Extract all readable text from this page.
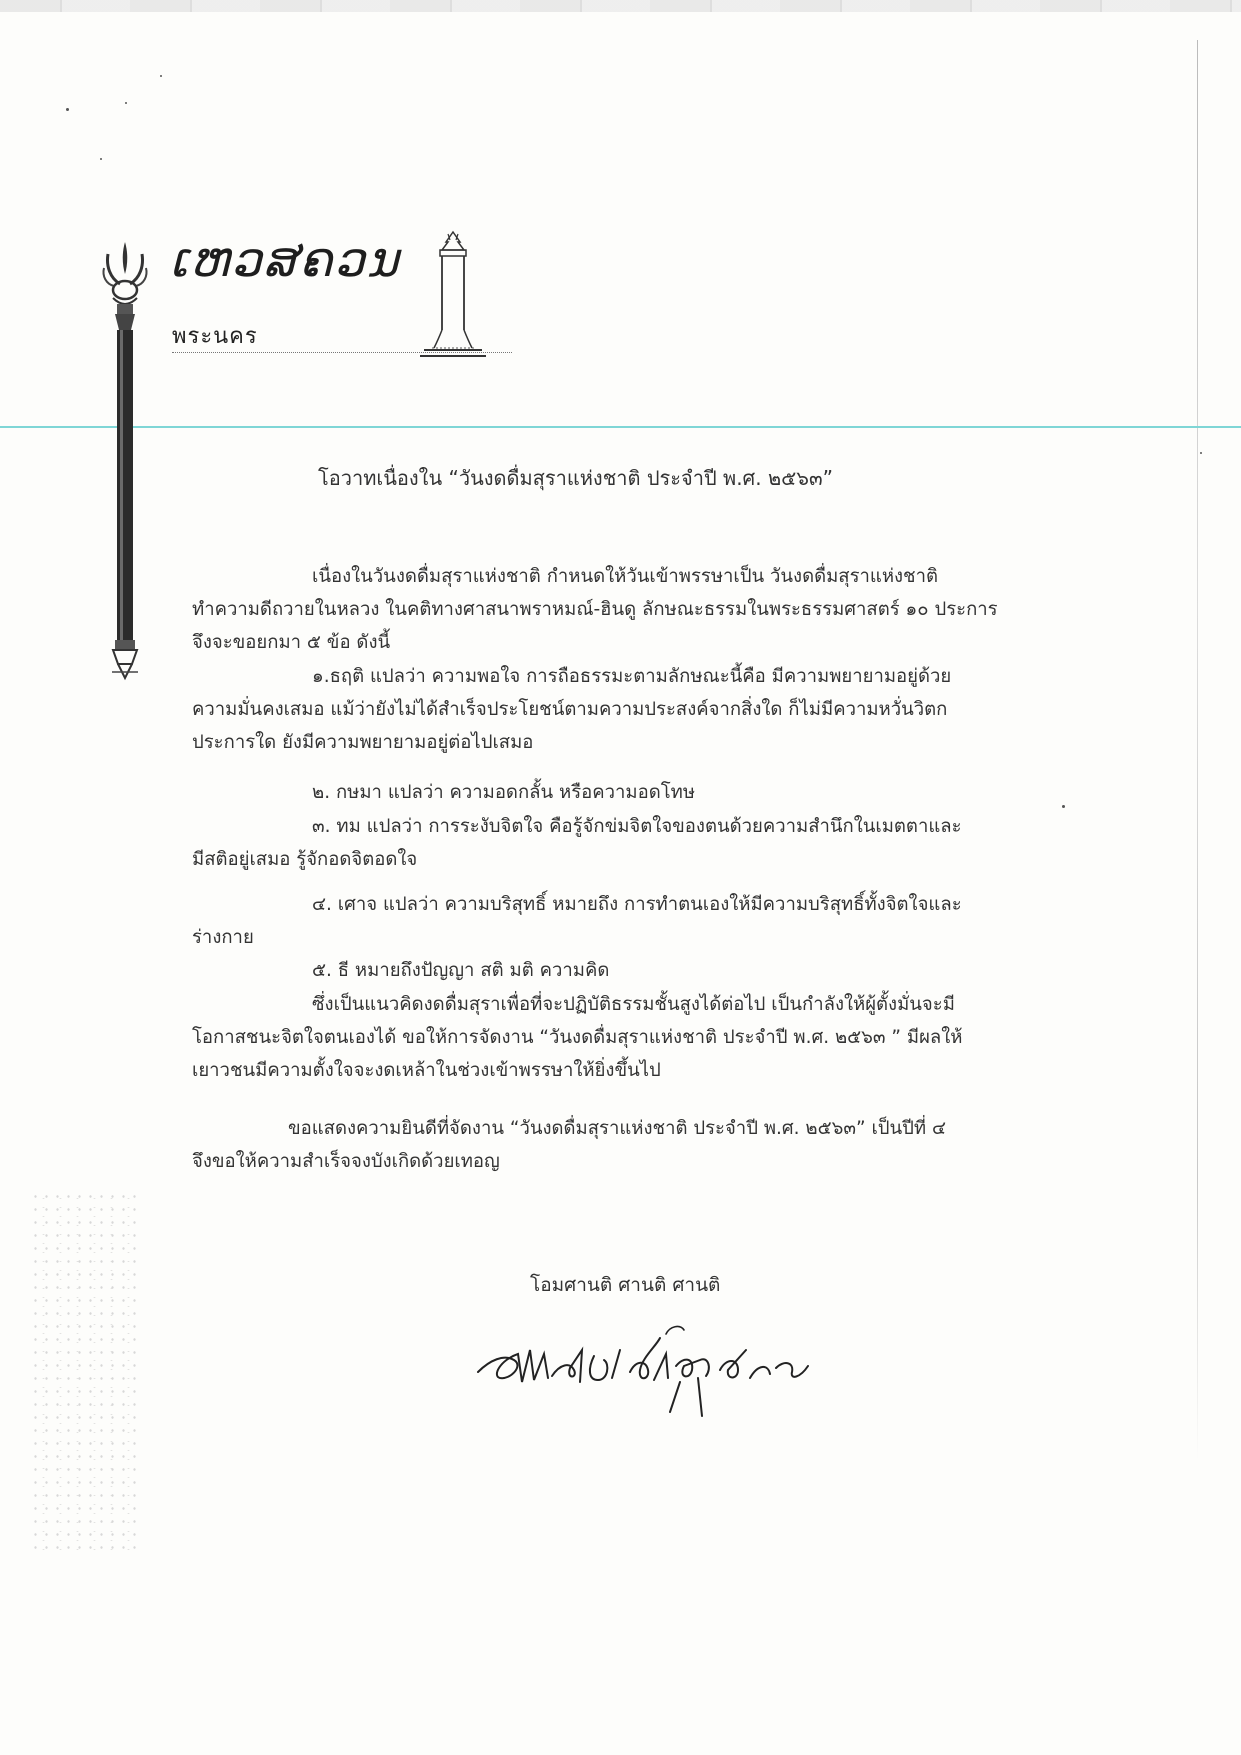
ເຫວສຄວນ
พระนคร
โอวาทเนื่องใน “วันงดดื่มสุราแห่งชาติ ประจำปี พ.ศ. ๒๕๖๓”
เนื่องในวันงดดื่มสุราแห่งชาติ กำหนดให้วันเข้าพรรษาเป็น วันงดดื่มสุราแห่งชาติ
ทำความดีถวายในหลวง ในคติทางศาสนาพราหมณ์-ฮินดู ลักษณะธรรมในพระธรรมศาสตร์ ๑๐ ประการ
จึงจะขอยกมา ๕ ข้อ ดังนี้
๑.ธฤติ แปลว่า ความพอใจ การถือธรรมะตามลักษณะนี้คือ มีความพยายามอยู่ด้วย
ความมั่นคงเสมอ แม้ว่ายังไม่ได้สำเร็จประโยชน์ตามความประสงค์จากสิ่งใด ก็ไม่มีความหวั่นวิตก
ประการใด ยังมีความพยายามอยู่ต่อไปเสมอ
๒. กษมา แปลว่า ความอดกลั้น หรือความอดโทษ
๓. ทม แปลว่า การระงับจิตใจ คือรู้จักข่มจิตใจของตนด้วยความสำนึกในเมตตาและ
มีสติอยู่เสมอ รู้จักอดจิตอดใจ
๔. เศาจ แปลว่า ความบริสุทธิ์ หมายถึง การทำตนเองให้มีความบริสุทธิ์ทั้งจิตใจและ
ร่างกาย
๕. ธี หมายถึงปัญญา สติ มติ ความคิด
ซึ่งเป็นแนวคิดงดดื่มสุราเพื่อที่จะปฏิบัติธรรมชั้นสูงได้ต่อไป เป็นกำลังให้ผู้ตั้งมั่นจะมี
โอกาสชนะจิตใจตนเองได้ ขอให้การจัดงาน “วันงดดื่มสุราแห่งชาติ ประจำปี พ.ศ. ๒๕๖๓ ” มีผลให้
เยาวชนมีความตั้งใจจะงดเหล้าในช่วงเข้าพรรษาให้ยิ่งขึ้นไป
ขอแสดงความยินดีที่จัดงาน “วันงดดื่มสุราแห่งชาติ ประจำปี พ.ศ. ๒๕๖๓” เป็นปีที่ ๔
จึงขอให้ความสำเร็จจงบังเกิดด้วยเทอญ
โอมศานติ ศานติ ศานติ
